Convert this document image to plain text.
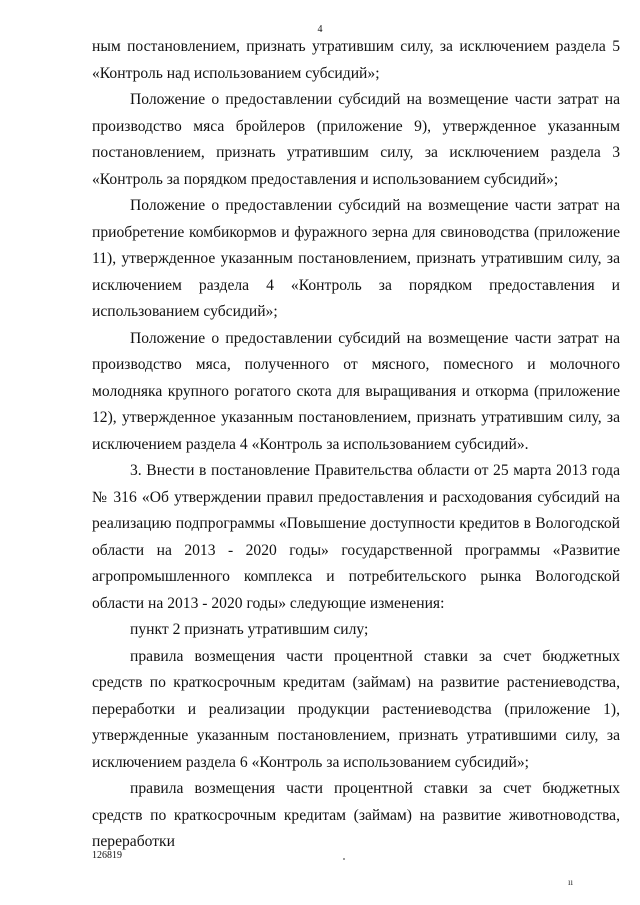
4

ным постановлением, признать утратившим силу, за исключением раздела 5 «Контроль над использованием субсидий»;

Положение о предоставлении субсидий на возмещение части затрат на производство мяса бройлеров (приложение 9), утвержденное указанным постановлением, признать утратившим силу, за исключением раздела 3 «Контроль за порядком предоставления и использованием субсидий»;

Положение о предоставлении субсидий на возмещение части затрат на приобретение комбикормов и фуражного зерна для свиноводства (приложение 11), утвержденное указанным постановлением, признать утратившим силу, за исключением раздела 4 «Контроль за порядком предоставления и использованием субсидий»;

Положение о предоставлении субсидий на возмещение части затрат на производство мяса, полученного от мясного, помесного и молочного молодняка крупного рогатого скота для выращивания и откорма (приложение 12), утвержденное указанным постановлением, признать утратившим силу, за исключением раздела 4 «Контроль за использованием субсидий».

3. Внести в постановление Правительства области от 25 марта 2013 года № 316 «Об утверждении правил предоставления и расходования субсидий на реализацию подпрограммы «Повышение доступности кредитов в Вологодской области на 2013 - 2020 годы» государственной программы «Развитие агропромышленного комплекса и потребительского рынка Вологодской области на 2013 - 2020 годы» следующие изменения:

пункт 2 признать утратившим силу;

правила возмещения части процентной ставки за счет бюджетных средств по краткосрочным кредитам (займам) на развитие растениеводства, переработки и реализации продукции растениеводства (приложение 1), утвержденные указанным постановлением, признать утратившими силу, за исключением раздела 6 «Контроль за использованием субсидий»;

правила возмещения части процентной ставки за счет бюджетных средств по краткосрочным кредитам (займам) на развитие животноводства, переработки

126819
ıı
